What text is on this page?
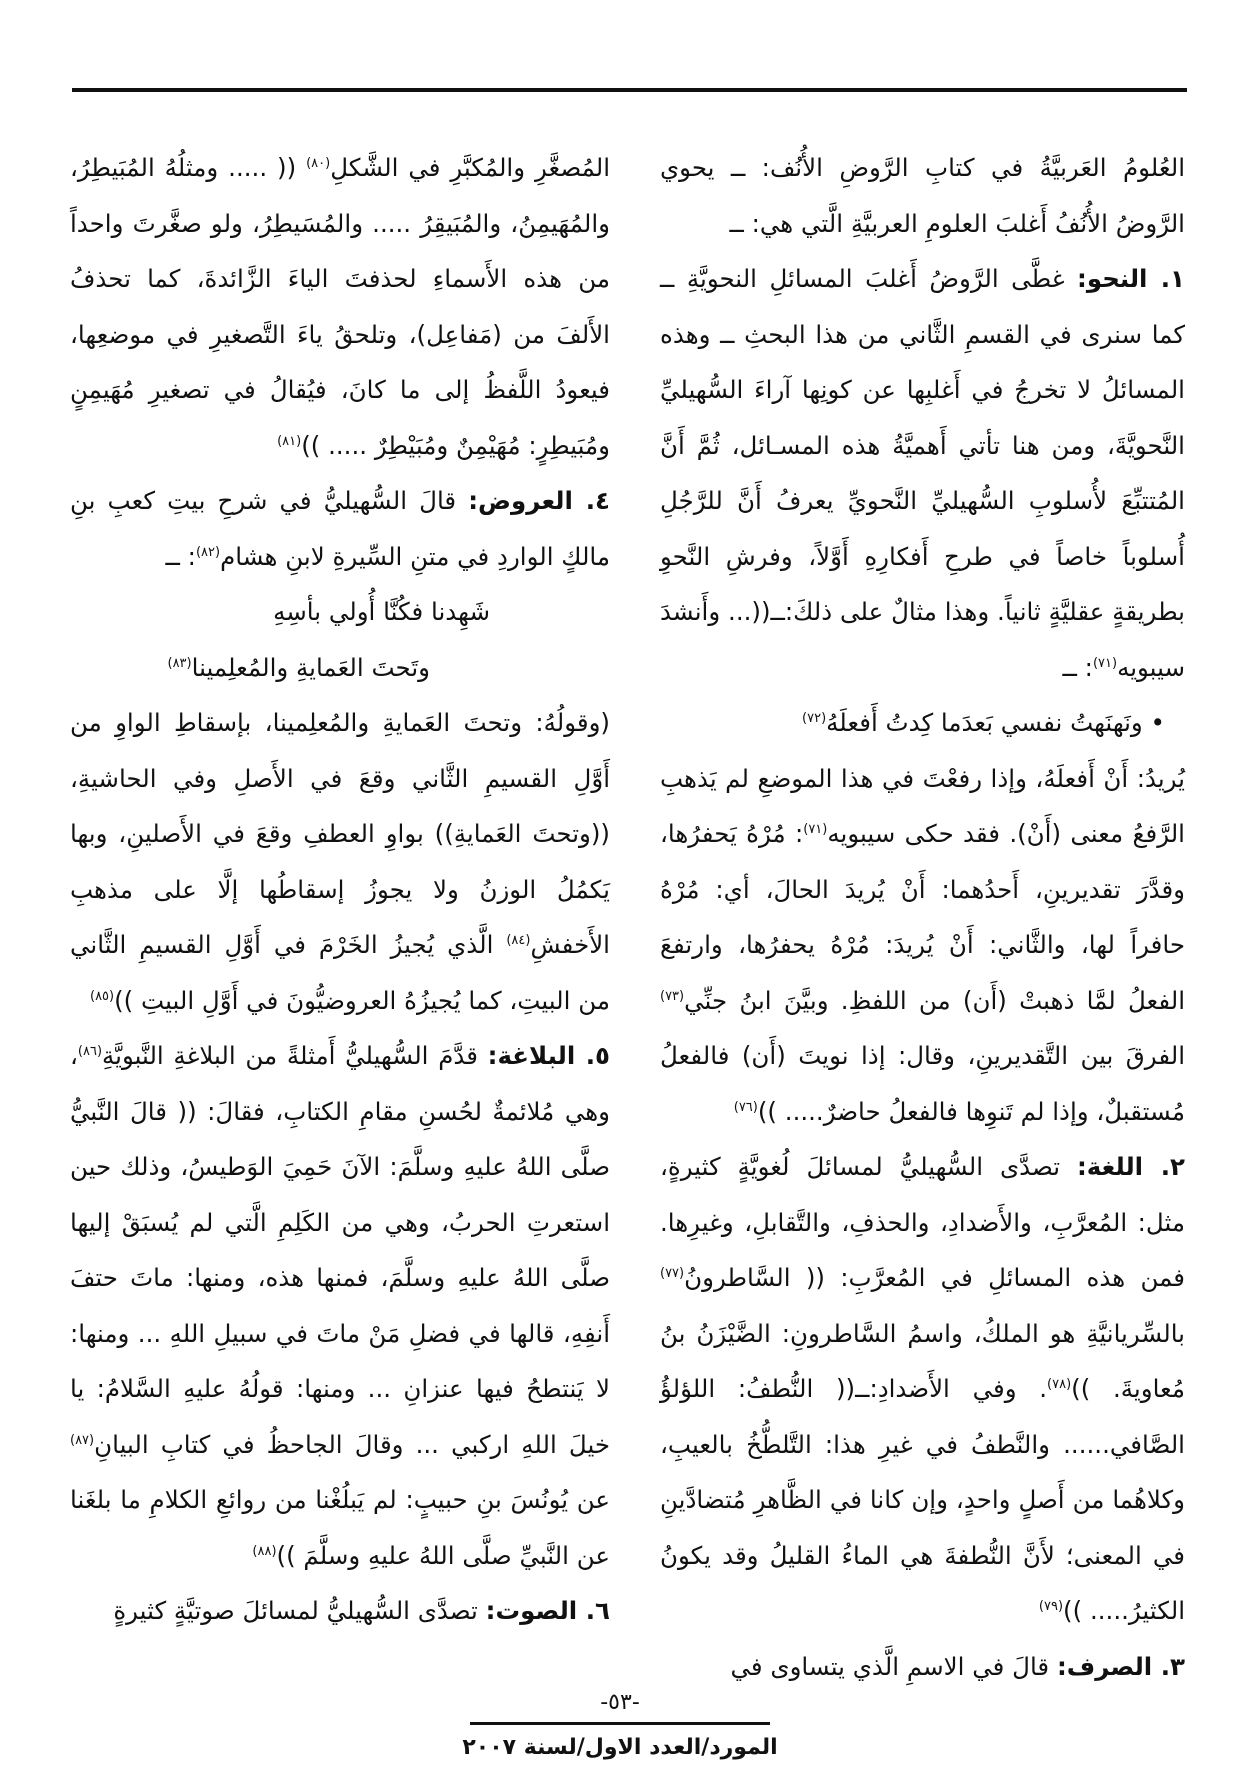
العُلومُ العَربيَّةُ في كتابِ الرَّوضِ الأُنُف: ــ يحوي الرَّوضُ الأُنُفُ أَغلبَ العلومِ العربيَّةِ الَّتي هي: ــ

١. النحو: غطَّى الرَّوضُ أَغلبَ المسائلِ النحويَّةِ ــ كما سنرى في القسمِ الثَّاني من هذا البحثِ ــ وهذه المسائلُ لا تخرجُ في أَغلبِها عن كونِها آراءَ السُّهيليِّ النَّحويَّةَ، ومن هنا تأتي أَهميَّةُ هذه المسـائل، ثُمَّ أَنَّ المُتتبِّعَ لأُسلوبِ السُّهيليِّ النَّحويِّ يعرفُ أَنَّ للرَّجُلِ أُسلوباً خاصاً في طرحِ أَفكارِهِ أَوَّلاً، وفرشِ النَّحوِ بطريقةٍ عقليَّةٍ ثانياً. وهذا مثالٌ على ذلكَ:ــ((... وأَنشدَ سيبويه$^{(٧١)}$: ــ

• ونَهنَهتُ نفسي بَعدَما كِدتُ أَفعلَهُ$^{(٧٢)}$

يُريدُ: أَنْ أَفعلَهُ، وإذا رفعْتَ في هذا الموضعِ لم يَذهبِ الرَّفعُ معنى (أَنْ). فقد حكى سيبويه$^{(٧١)}$: مُرْهُ يَحفرُها، وقدَّرَ تقديرينِ، أَحدُهما: أَنْ يُريدَ الحالَ، أي: مُرْهُ حافراً لها، والثَّاني: أَنْ يُريدَ: مُرْهُ يحفرُها، وارتفعَ الفعلُ لمَّا ذهبتْ (أَن) من اللفظِ. وبيَّنَ ابنُ جنِّي$^{(٧٣)}$ الفرقَ بين التَّقديرينِ، وقال: إذا نويتَ (أَن) فالفعلُ مُستقبلٌ، وإذا لم تَنوِها فالفعلُ حاضرٌ..... ))$^{(٧٦)}$

٢. اللغة: تصدَّى السُّهيليُّ لمسائلَ لُغويَّةٍ كثيرةٍ، مثل: المُعرَّبِ، والأَضدادِ، والحذفِ، والتَّقابلِ، وغيرِها. فمن هذه المسائلِ في المُعرَّبِ: (( السَّاطرونُ$^{(٧٧)}$ بالسِّريانيَّةِ هو الملكُ، واسمُ السَّاطرونِ: الضَّيْزَنُ بنُ مُعاويةَ. ))$^{(٧٨)}$. وفي الأَضدادِ:ــ(( النُّطفُ: اللؤلؤُ الصَّافي...... والنَّطفُ في غيرِ هذا: التَّلطُّخُ بالعيبِ، وكلاهُما من أَصلٍ واحدٍ، وإن كانا في الظَّاهرِ مُتضادَّينِ في المعنى؛ لأَنَّ النُّطفةَ هي الماءُ القليلُ وقد يكونُ الكثيرُ..... ))$^{(٧٩)}$

٣. الصرف: قالَ في الاسمِ الَّذي يتساوى في

المُصغَّرِ والمُكبَّرِ في الشَّكلِ$^{(٨٠)}$ (( ..... ومثلُهُ المُبَيطِرُ، والمُهَيمِنُ، والمُبَيقِرُ ..... والمُسَيطِرُ، ولو صغَّرتَ واحداً من هذه الأَسماءِ لحذفتَ الياءَ الزَّائدةَ، كما تحذفُ الأَلفَ من (مَفاعِل)، وتلحقُ ياءَ التَّصغيرِ في موضعِها، فيعودُ اللَّفظُ إلى ما كانَ، فيُقالُ في تصغيرِ مُهَيمِنٍ ومُبَيطِرٍ: مُهَيْمِنٌ ومُبَيْطِرٌ ..... ))$^{(٨١)}$

٤. العروض: قالَ السُّهيليُّ في شرحِ بيتِ كعبِ بنِ مالكٍ الواردِ في متنِ السِّيرةِ لابنِ هشام$^{(٨٢)}$: ــ

شَهِدنا فكُنَّا أُولي بأسِهِ

وتَحتَ العَمايةِ والمُعلِمينا$^{(٨٣)}$

(وقولُهُ: وتحتَ العَمايةِ والمُعلِمينا، بإسقاطِ الواوِ من أَوَّلِ القسيمِ الثَّاني وقعَ في الأَصلِ وفي الحاشيةِ، ((وتحتَ العَمايةِ)) بواوِ العطفِ وقعَ في الأَصلينِ، وبها يَكمُلُ الوزنُ ولا يجوزُ إسقاطُها إلَّا على مذهبِ الأَخفشِ$^{(٨٤)}$ الَّذي يُجيزُ الخَرْمَ في أَوَّلِ القسيمِ الثَّاني من البيتِ، كما يُجيزُهُ العروضيُّونَ في أَوَّلِ البيتِ ))$^{(٨٥)}$

٥. البلاغة: قدَّمَ السُّهيليُّ أَمثلةً من البلاغةِ النَّبويَّةِ$^{(٨٦)}$، وهي مُلائمةٌ لحُسنِ مقامِ الكتابِ، فقالَ: (( قالَ النَّبيُّ صلَّى اللهُ عليهِ وسلَّمَ: الآنَ حَمِيَ الوَطيسُ، وذلك حين استعرتِ الحربُ، وهي من الكَلِمِ الَّتي لم يُسبَقْ إليها صلَّى اللهُ عليهِ وسلَّمَ، فمنها هذه، ومنها: ماتَ حتفَ أَنفِهِ، قالها في فضلِ مَنْ ماتَ في سبيلِ اللهِ ... ومنها: لا يَنتطحُ فيها عنزانِ ... ومنها: قولُهُ عليهِ السَّلامُ: يا خيلَ اللهِ اركبي ... وقالَ الجاحظُ في كتابِ البيانِ$^{(٨٧)}$ عن يُونُسَ بنِ حبيبٍ: لم يَبلُغْنا من روائعِ الكلامِ ما بلغَنا عن النَّبيِّ صلَّى اللهُ عليهِ وسلَّمَ ))$^{(٨٨)}$

٦. الصوت: تصدَّى السُّهيليُّ لمسائلَ صوتيَّةٍ كثيرةٍ

-٥٣-
المورد/العدد الاول/لسنة ٢٠٠٧
